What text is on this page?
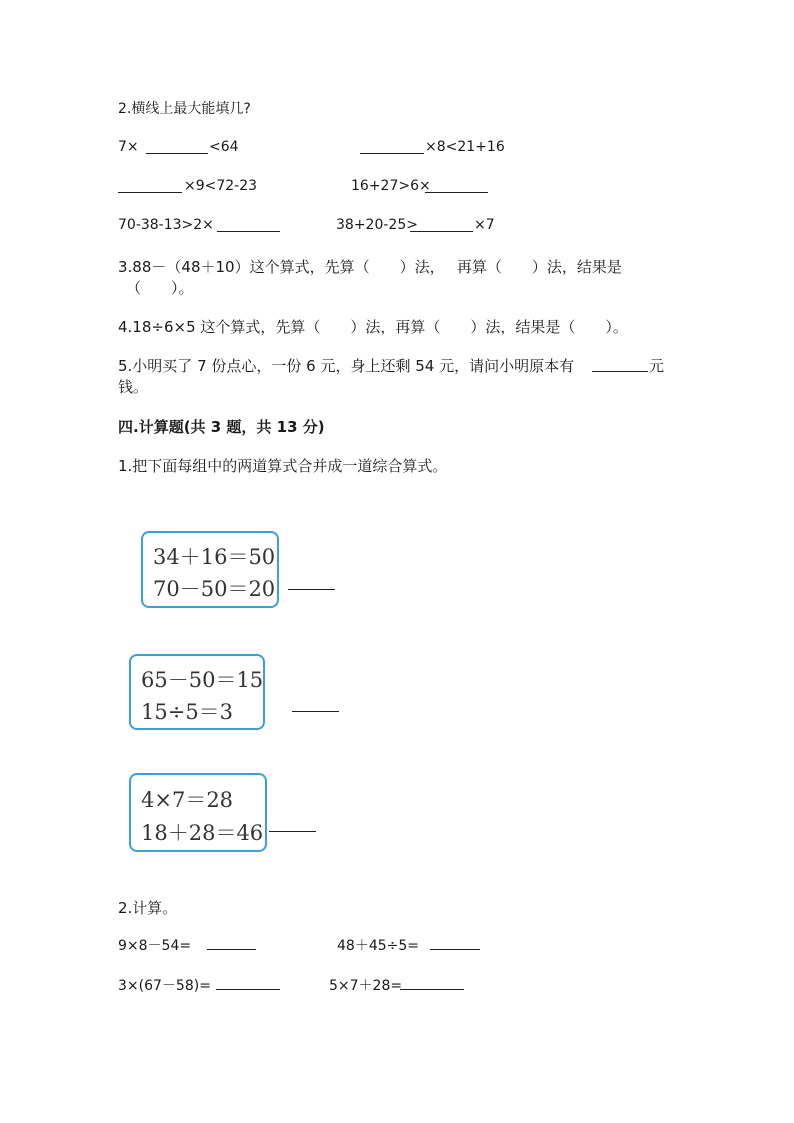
2.横线上最大能填几?
7×	<64	×8<21+16
×9<72-23	16+27>6×
70-38-13>2×	38+20-25>	×7
3.88－（48＋10）这个算式，先算（　　）法，　 再算（　　）法，结果是
（　　）。
4.18÷6×5 这个算式，先算（　　）法，再算（　　）法，结果是（　　）。
5.小明买了 7 份点心，一份 6 元，身上还剩 54 元，请问小明原本有	元
钱。
四.计算题(共 3 题，共 13 分)
1.把下面每组中的两道算式合并成一道综合算式。
34＋16＝50
70－50＝20
65－50＝15
15÷5＝3
4×7＝28
18＋28＝46
2.计算。
9×8－54=	48＋45÷5=
3×(67－58)=	5×7＋28=
